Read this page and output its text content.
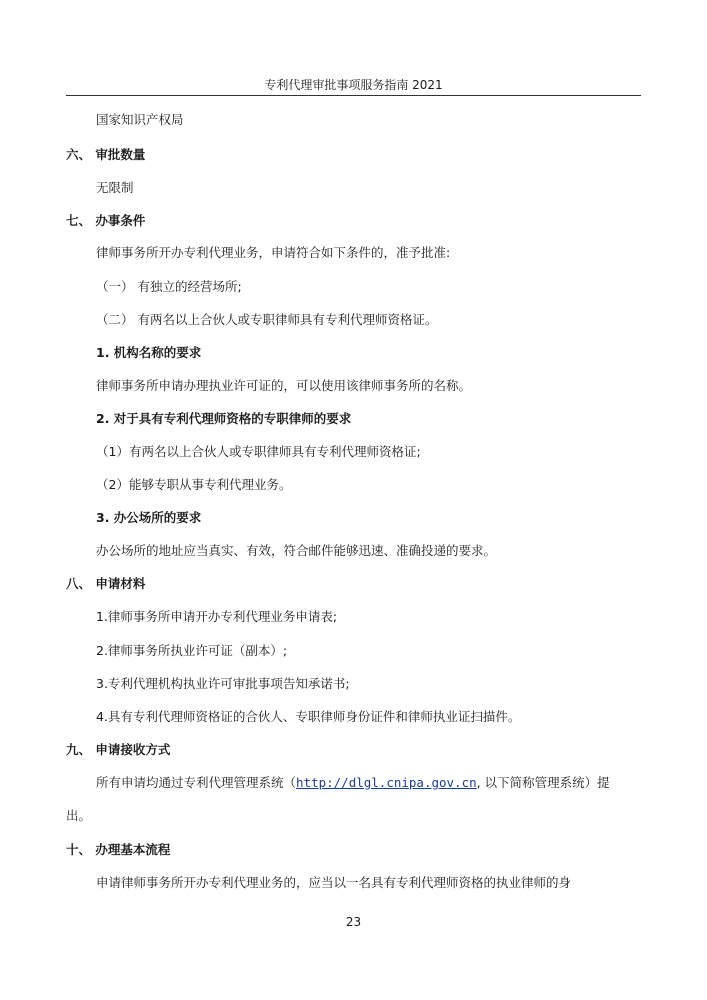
专利代理审批事项服务指南 2021
国家知识产权局
六、 审批数量
无限制
七、 办事条件
律师事务所开办专利代理业务，申请符合如下条件的，准予批准:
（一） 有独立的经营场所;
（二） 有两名以上合伙人或专职律师具有专利代理师资格证。
1. 机构名称的要求
律师事务所申请办理执业许可证的，可以使用该律师事务所的名称。
2. 对于具有专利代理师资格的专职律师的要求
（1）有两名以上合伙人或专职律师具有专利代理师资格证;
（2）能够专职从事专利代理业务。
3. 办公场所的要求
办公场所的地址应当真实、有效，符合邮件能够迅速、准确投递的要求。
八、 申请材料
1.律师事务所申请开办专利代理业务申请表;
2.律师事务所执业许可证（副本）;
3.专利代理机构执业许可审批事项告知承诺书;
4.具有专利代理师资格证的合伙人、专职律师身份证件和律师执业证扫描件。
九、 申请接收方式
所有申请均通过专利代理管理系统（http://dlgl.cnipa.gov.cn, 以下简称管理系统）提
出。
十、 办理基本流程
申请律师事务所开办专利代理业务的，应当以一名具有专利代理师资格的执业律师的身
23
